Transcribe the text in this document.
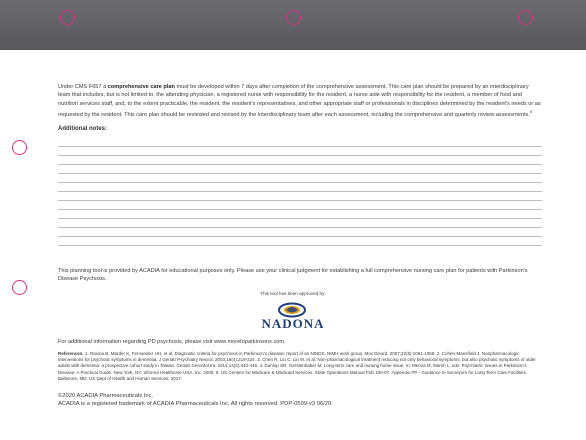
Under CMS F657 a comprehensive care plan must be developed within 7 days after completion of the comprehensive assessment. This care plan should be prepared by an interdisciplinary team that includes, but is not limited to, the attending physician, a registered nurse with responsibility for the resident, a nurse aide with responsibility for the resident, a member of food and nutrition services staff, and, to the extent practicable, the resident, the resident's representatives, and other appropriate staff or professionals in disciplines determined by the resident's needs or as requested by the resident. This care plan should be reviewed and revised by the interdisciplinary team after each assessment, including the comprehensive and quarterly review assessments.$^5$

Additional notes:

This planning tool is provided by ACADIA for educational purposes only. Please use your clinical judgment for establishing a full comprehensive nursing care plan for patients with Parkinson's Disease Psychosis.

This tool has been approved by:
NADONA

For additional information regarding PD psychosis, please visit www.moretoparkinsons.com.

References: 1. Ravina B, Marder K, Fernandez HH, et al. Diagnostic criteria for psychosis in Parkinson's disease: report of an NINDS, NIMH work group. Mov Disord. 2007;22(8):1061-1068. 2. Cohen-Mansfield J. Nonpharmacologic interventions for psychotic symptoms in dementia. J Geriatr Psychiatry Neurol. 2003;16(4):219-224. 3. Chen R, Liu C, Lin M, et al. Non-pharmacological treatment reducing not only behavioral symptoms, but also psychotic symptoms of older adults with dementia: a prospective cohort study in Taiwan. Geriatr Gerontol Int. 2014;14(2):440-446. 4. Dunlop SR, Gerstenhaber M. Long-term care and nursing home issue. In: Menza M, Marsh L, eds. Psychiatric Issues in Parkinson's Disease: A Practical Guide. New York, NY: Informa Healthcare USA, Inc; 2009. 5. US Centers for Medicare & Medicaid Services. State Operations Manual Pub 100-07. Appendix PP - Guidance to Surveyors for Long Term Care Facilities. Baltimore, MD: US Dept of Health and Human Services; 2017.

©2020 ACADIA Pharmaceuticals Inc.
ACADIA is a registered trademark of ACADIA Pharmaceuticals Inc. All rights reserved. PDP-0599-v3 06/20.
